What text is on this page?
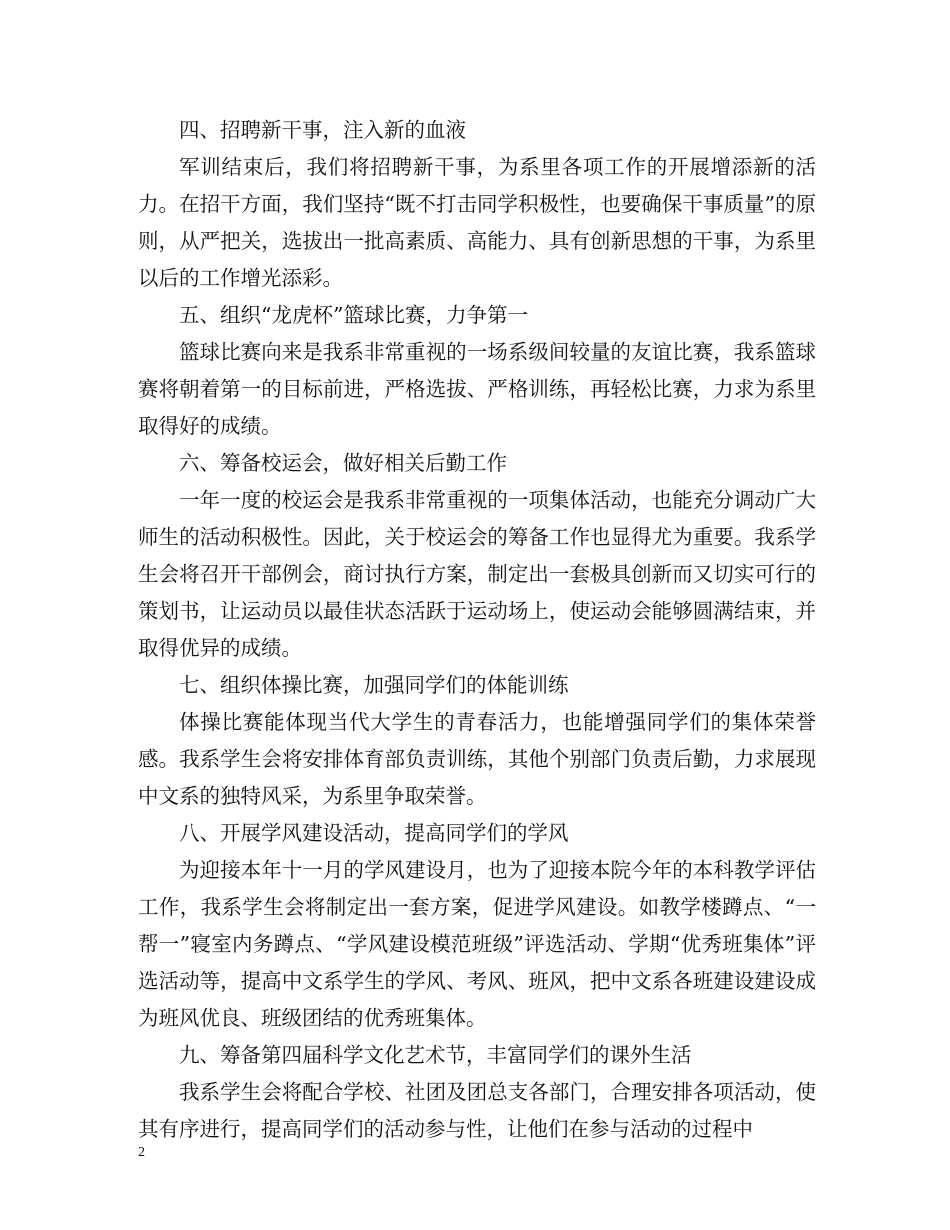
四、招聘新干事，注入新的血液

军训结束后，我们将招聘新干事，为系里各项工作的开展增添新的活力。在招干方面，我们坚持“既不打击同学积极性，也要确保干事质量”的原则，从严把关，选拔出一批高素质、高能力、具有创新思想的干事，为系里以后的工作增光添彩。

五、组织“龙虎杯”篮球比赛，力争第一

篮球比赛向来是我系非常重视的一场系级间较量的友谊比赛，我系篮球赛将朝着第一的目标前进，严格选拔、严格训练，再轻松比赛，力求为系里取得好的成绩。

六、筹备校运会，做好相关后勤工作

一年一度的校运会是我系非常重视的一项集体活动，也能充分调动广大师生的活动积极性。因此，关于校运会的筹备工作也显得尤为重要。我系学生会将召开干部例会，商讨执行方案，制定出一套极具创新而又切实可行的策划书，让运动员以最佳状态活跃于运动场上，使运动会能够圆满结束，并取得优异的成绩。

七、组织体操比赛，加强同学们的体能训练

体操比赛能体现当代大学生的青春活力，也能增强同学们的集体荣誉感。我系学生会将安排体育部负责训练，其他个别部门负责后勤，力求展现中文系的独特风采，为系里争取荣誉。

八、开展学风建设活动，提高同学们的学风

为迎接本年十一月的学风建设月，也为了迎接本院今年的本科教学评估工作，我系学生会将制定出一套方案，促进学风建设。如教学楼蹲点、“一帮一”寝室内务蹲点、“学风建设模范班级”评选活动、学期“优秀班集体”评选活动等，提高中文系学生的学风、考风、班风，把中文系各班建设建设成为班风优良、班级团结的优秀班集体。

九、筹备第四届科学文化艺术节，丰富同学们的课外生活

我系学生会将配合学校、社团及团总支各部门，合理安排各项活动，使其有序进行，提高同学们的活动参与性，让他们在参与活动的过程中

2
